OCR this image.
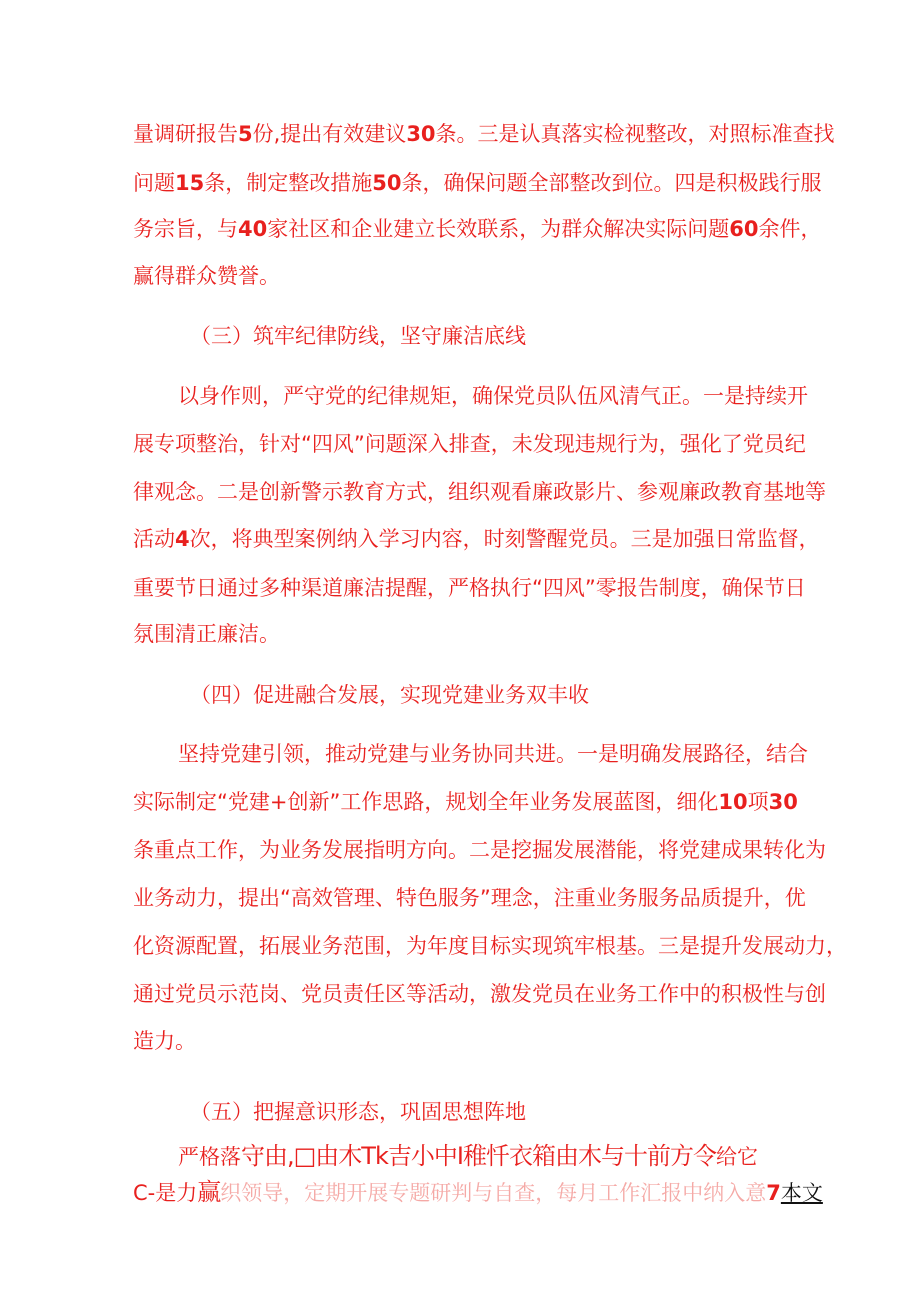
量调研报告5份,提出有效建议30条。三是认真落实检视整改，对照标准查找
问题15条，制定整改措施50条，确保问题全部整改到位。四是积极践行服
务宗旨，与40家社区和企业建立长效联系，为群众解决实际问题60余件，
赢得群众赞誉。
（三）筑牢纪律防线，坚守廉洁底线
以身作则，严守党的纪律规矩，确保党员队伍风清气正。一是持续开
展专项整治，针对“四风”问题深入排查，未发现违规行为，强化了党员纪
律观念。二是创新警示教育方式，组织观看廉政影片、参观廉政教育基地等
活动4次，将典型案例纳入学习内容，时刻警醒党员。三是加强日常监督，
重要节日通过多种渠道廉洁提醒，严格执行“四风”零报告制度，确保节日
氛围清正廉洁。
（四）促进融合发展，实现党建业务双丰收
坚持党建引领，推动党建与业务协同共进。一是明确发展路径，结合
实际制定“党建+创新”工作思路，规划全年业务发展蓝图，细化10项30
条重点工作，为业务发展指明方向。二是挖掘发展潜能，将党建成果转化为
业务动力，提出“高效管理、特色服务”理念，注重业务服务品质提升，优
化资源配置，拓展业务范围，为年度目标实现筑牢根基。三是提升发展动力，
通过党员示范岗、党员责任区等活动，激发党员在业务工作中的积极性与创
造力。
（五）把握意识形态，巩固思想阵地
严格落守由,□由木Tk吉小中I稚忏衣箱由木与十前方令给它
C-是力赢织领导，定期开展专题研判与自查，每月工作汇报中纳入意7本文
